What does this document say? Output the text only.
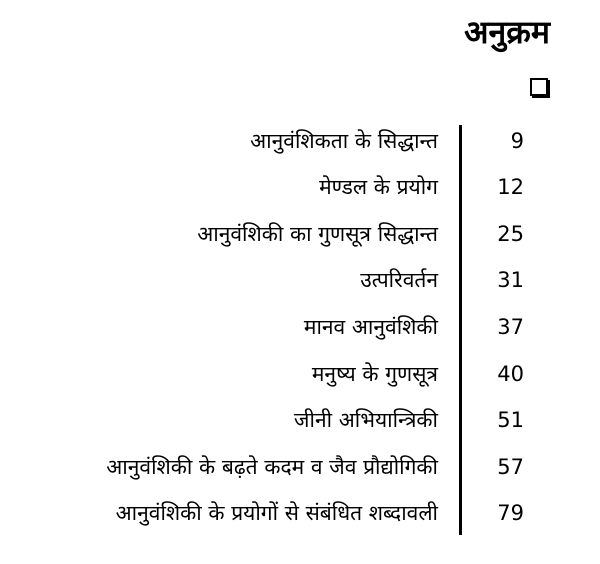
अनुक्रम
आनुवंशिकता के सिद्धान्त	9
मेण्डल के प्रयोग	12
आनुवंशिकी का गुणसूत्र सिद्धान्त	25
उत्परिवर्तन	31
मानव आनुवंशिकी	37
मनुष्य के गुणसूत्र	40
जीनी अभियान्त्रिकी	51
आनुवंशिकी के बढ़ते कदम व जैव प्रौद्योगिकी	57
आनुवंशिकी के प्रयोगों से संबंधित शब्दावली	79
